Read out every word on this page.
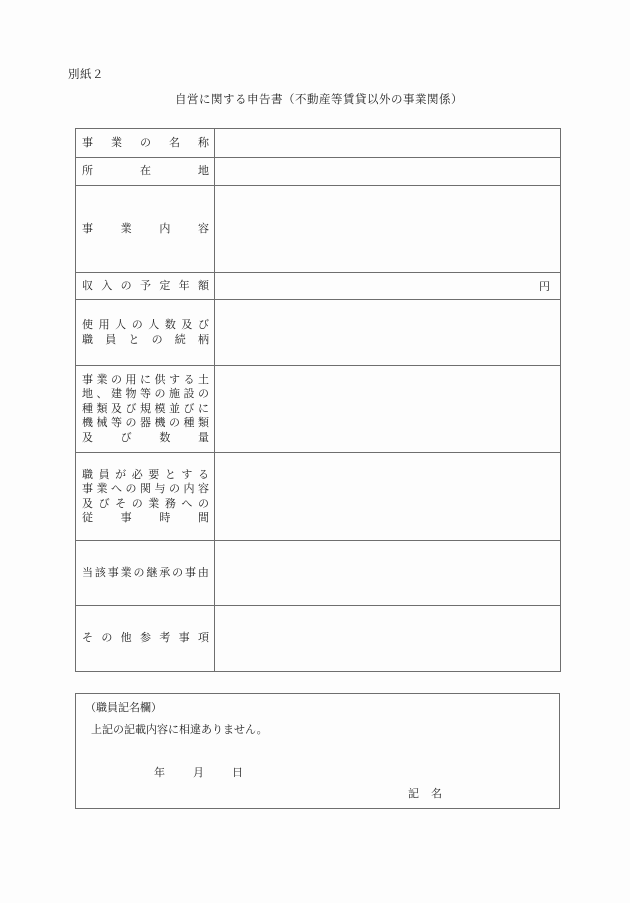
別紙２
自営に関する申告書（不動産等賃貸以外の事業関係）
事 業 の 名 称	

所 在 地	

事 業 内 容	

収 入 の 予 定 年 額	円

使 用 人 の 人 数 及 び
職 員 と の 続 柄

事 業 の 用 に 供 す る 土
地 、 建 物 等 の 施 設 の
種 類 及 び 規 模 並 び に
機 械 等 の 器 機 の 種 類
及	び	数	量

職 員 が 必 要 と す る
事 業 へ の 関 与 の 内 容
及 び そ の 業 務 へ の
従	事	時	間

当 該 事 業 の 継 承 の 事 由

そ の 他 参 考 事 項

（職員記名欄）
上記の記載内容に相違ありません。
年	月	日
記 名
